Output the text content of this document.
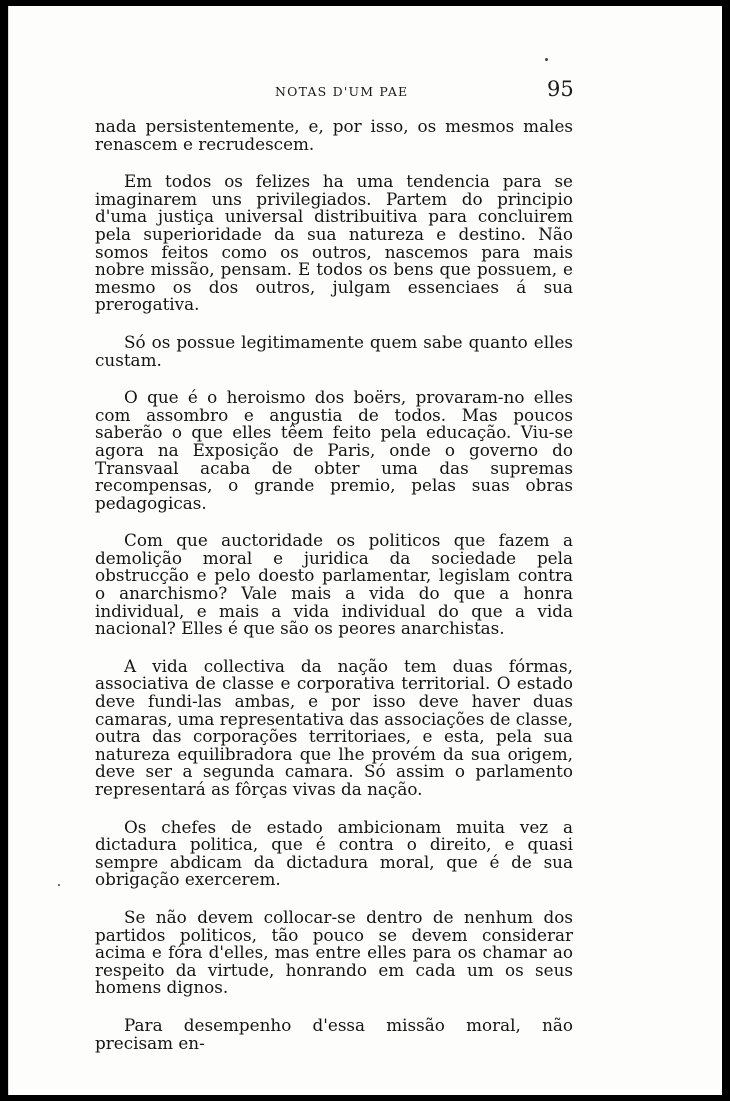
NOTAS D'UM PAE	95

nada persistentemente, e, por isso, os mesmos males renascem e recrudescem.

Em todos os felizes ha uma tendencia para se imaginarem uns privilegiados. Partem do principio d'uma justiça universal distribuitiva para concluirem pela superioridade da sua natureza e destino. Não somos feitos como os outros, nascemos para mais nobre missão, pensam. E todos os bens que possuem, e mesmo os dos outros, julgam essenciaes á sua prerogativa.

Só os possue legitimamente quem sabe quanto elles custam.

O que é o heroismo dos boërs, provaram-no elles com assombro e angustia de todos. Mas poucos saberão o que elles têem feito pela educação. Viu-se agora na Exposição de Paris, onde o governo do Transvaal acaba de obter uma das supremas recompensas, o grande premio, pelas suas obras pedagogicas.

Com que auctoridade os politicos que fazem a demolição moral e juridica da sociedade pela obstrucção e pelo doesto parlamentar, legislam contra o anarchismo? Vale mais a vida do que a honra individual, e mais a vida individual do que a vida nacional? Elles é que são os peores anarchistas.

A vida collectiva da nação tem duas fórmas, associativa de classe e corporativa territorial. O estado deve fundi-las ambas, e por isso deve haver duas camaras, uma representativa das associações de classe, outra das corporações territoriaes, e esta, pela sua natureza equilibradora que lhe provém da sua origem, deve ser a segunda camara. Só assim o parlamento representará as fôrças vivas da nação.

Os chefes de estado ambicionam muita vez a dictadura politica, que é contra o direito, e quasi sempre abdicam da dictadura moral, que é de sua obrigação exercerem.

Se não devem collocar-se dentro de nenhum dos partidos politicos, tão pouco se devem considerar acima e fóra d'elles, mas entre elles para os chamar ao respeito da virtude, honrando em cada um os seus homens dignos.

Para desempenho d'essa missão moral, não precisam en-
